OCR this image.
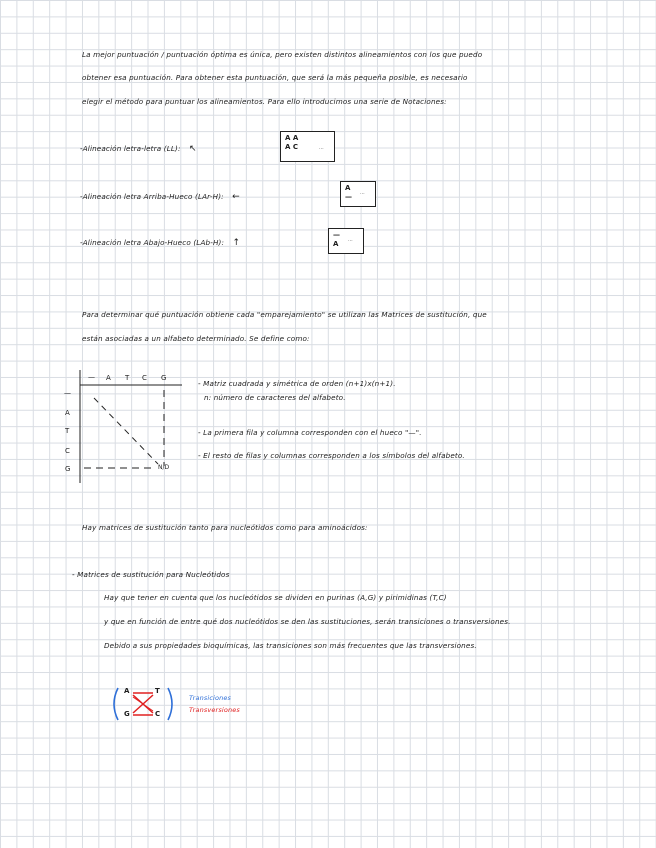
La mejor puntuación / puntuación óptima es única, pero existen distintos alineamientos con los que puedo
obtener esa puntuación. Para obtener esta puntuación, que será la más pequeña posible, es necesario
elegir el método para puntuar los alineamientos. Para ello introducimos una serie de Notaciones:
-Alineación letra-letra (LL): ↖
A A
A C	...
-Alineación letra Arriba-Hueco (LAr-H): ←
A
—	...
-Alineación letra Abajo-Hueco (LAb-H): ↑
—
A	...
Para determinar qué puntuación obtiene cada "emparejamiento" se utilizan las Matrices de sustitución, que
están asociadas a un alfabeto determinado. Se define como:
— A T C G
—
A
T
C
G	N/D
- Matriz cuadrada y simétrica de orden (n+1)x(n+1).
n: número de caracteres del alfabeto.
- La primera fila y columna corresponden con el hueco "—".
- El resto de filas y columnas corresponden a los símbolos del alfabeto.
Hay matrices de sustitución tanto para nucleótidos como para aminoácidos:
- Matrices de sustitución para Nucleótidos
Hay que tener en cuenta que los nucleótidos se dividen en purinas (A,G) y pirimidinas (T,C)
y que en función de entre qué dos nucleótidos se den las sustituciones, serán transiciones o transversiones.
Debido a sus propiedades bioquímicas, las transiciones son más frecuentes que las transversiones.
A	T
G	C
Transiciones
Transversiones
